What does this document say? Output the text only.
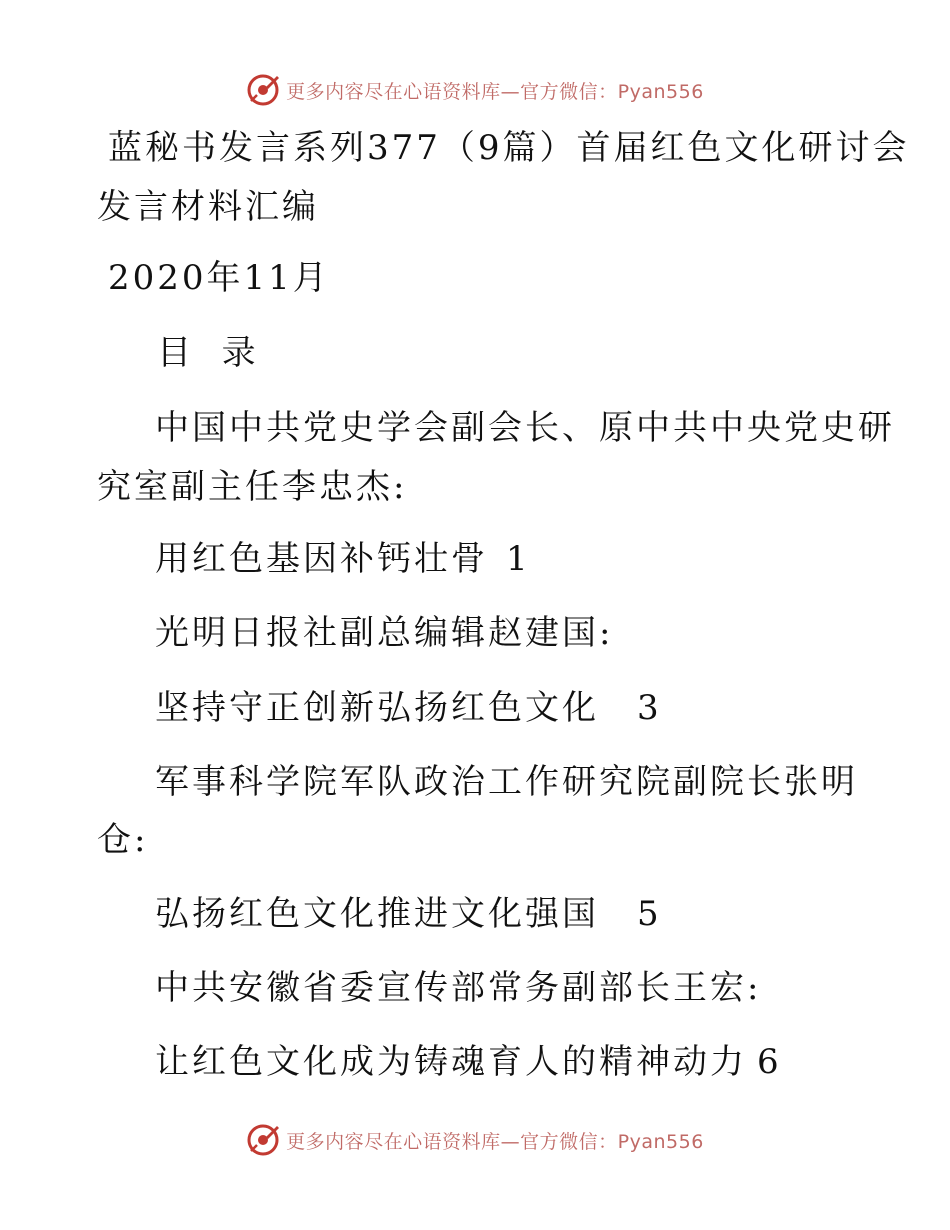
更多内容尽在心语资料库—官方微信：Pyan556
蓝秘书发言系列377（9篇）首届红色文化研讨会
发言材料汇编
2020年11月
目  录
中国中共党史学会副会长、原中共中央党史研
究室副主任李忠杰:
用红色基因补钙壮骨 1
光明日报社副总编辑赵建国:
坚持守正创新弘扬红色文化 3
军事科学院军队政治工作研究院副院长张明
仓:
弘扬红色文化推进文化强国 5
中共安徽省委宣传部常务副部长王宏:
让红色文化成为铸魂育人的精神动力 6
更多内容尽在心语资料库—官方微信：Pyan556
